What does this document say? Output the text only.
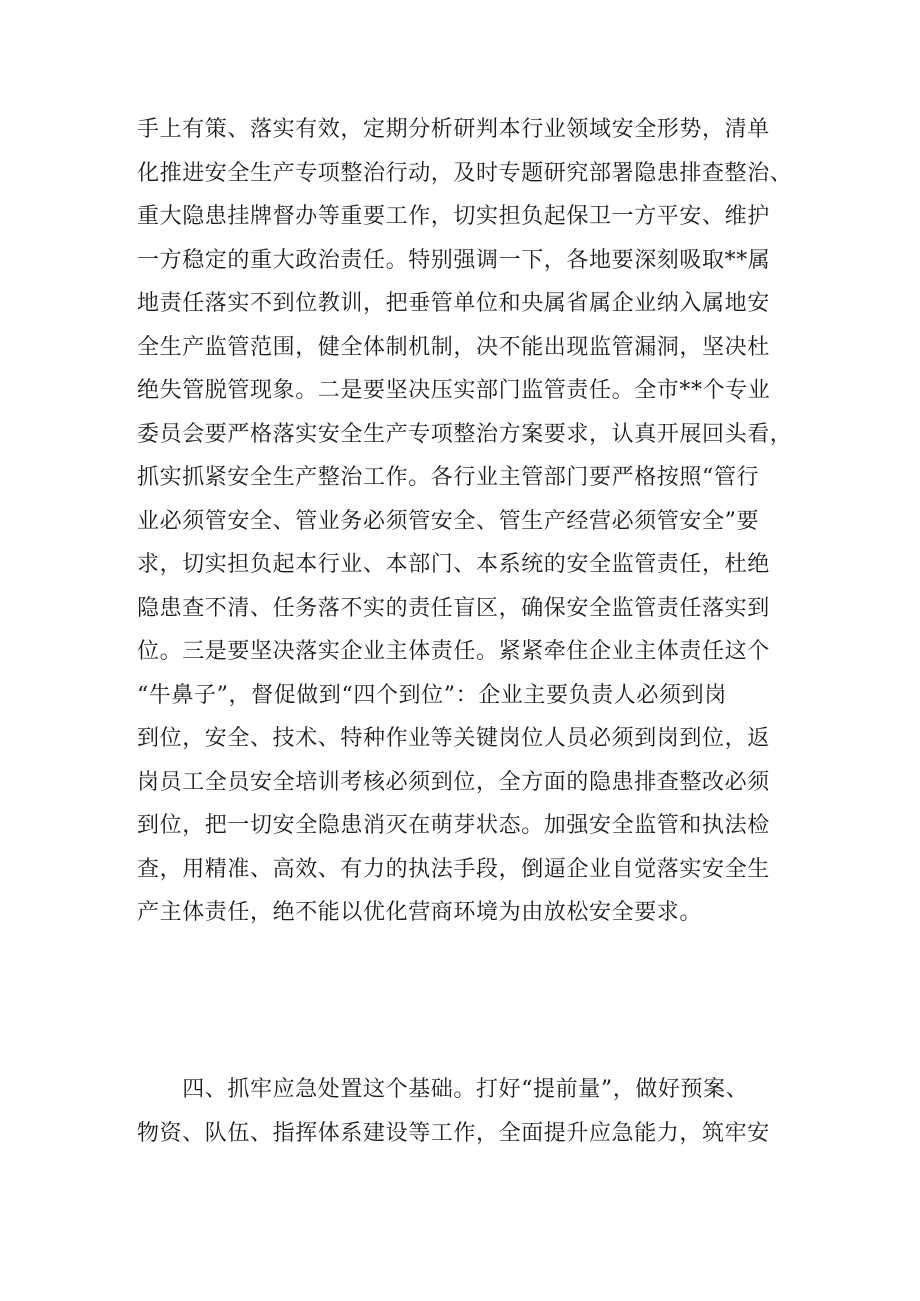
手上有策、落实有效，定期分析研判本行业领域安全形势，清单
化推进安全生产专项整治行动，及时专题研究部署隐患排查整治、
重大隐患挂牌督办等重要工作，切实担负起保卫一方平安、维护
一方稳定的重大政治责任。特别强调一下，各地要深刻吸取**属
地责任落实不到位教训，把垂管单位和央属省属企业纳入属地安
全生产监管范围，健全体制机制，决不能出现监管漏洞，坚决杜
绝失管脱管现象。二是要坚决压实部门监管责任。全市**个专业
委员会要严格落实安全生产专项整治方案要求，认真开展回头看，
抓实抓紧安全生产整治工作。各行业主管部门要严格按照“管行
业必须管安全、管业务必须管安全、管生产经营必须管安全”要
求，切实担负起本行业、本部门、本系统的安全监管责任，杜绝
隐患查不清、任务落不实的责任盲区，确保安全监管责任落实到
位。三是要坚决落实企业主体责任。紧紧牵住企业主体责任这个
“牛鼻子”，督促做到“四个到位”：企业主要负责人必须到岗
到位，安全、技术、特种作业等关键岗位人员必须到岗到位，返
岗员工全员安全培训考核必须到位，全方面的隐患排查整改必须
到位，把一切安全隐患消灭在萌芽状态。加强安全监管和执法检
查，用精准、高效、有力的执法手段，倒逼企业自觉落实安全生
产主体责任，绝不能以优化营商环境为由放松安全要求。
　　四、抓牢应急处置这个基础。打好“提前量”，做好预案、
物资、队伍、指挥体系建设等工作，全面提升应急能力，筑牢安
